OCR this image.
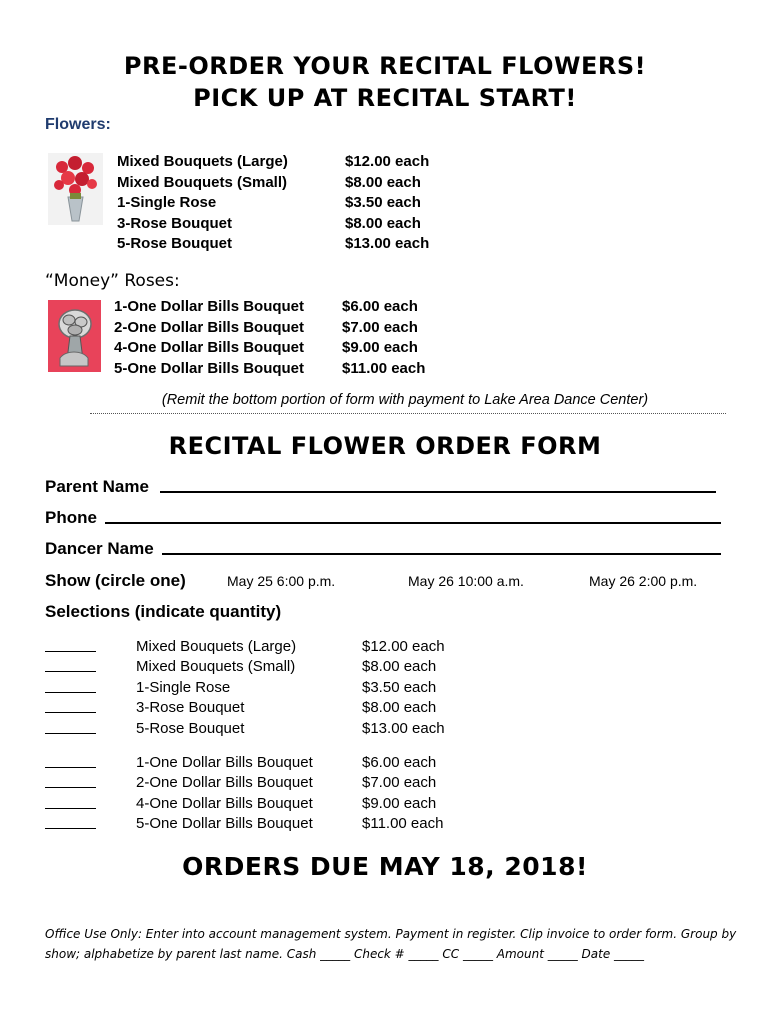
PRE-ORDER YOUR RECITAL FLOWERS!
PICK UP AT RECITAL START!
Flowers:
Mixed Bouquets (Large)	$12.00 each
Mixed Bouquets (Small)	$8.00 each
1-Single Rose	$3.50 each
3-Rose Bouquet	$8.00 each
5-Rose Bouquet	$13.00 each
“Money” Roses:
1-One Dollar Bills Bouquet	$6.00 each
2-One Dollar Bills Bouquet	$7.00 each
4-One Dollar Bills Bouquet	$9.00 each
5-One Dollar Bills Bouquet	$11.00 each
(Remit the bottom portion of form with payment to Lake Area Dance Center)
RECITAL FLOWER ORDER FORM
Parent Name
Phone
Dancer Name
Show (circle one)	May 25 6:00 p.m.	May 26 10:00 a.m.	May 26 2:00 p.m.
Selections (indicate quantity)
Mixed Bouquets (Large)	$12.00 each
Mixed Bouquets (Small)	$8.00 each
1-Single Rose	$3.50 each
3-Rose Bouquet	$8.00 each
5-Rose Bouquet	$13.00 each
1-One Dollar Bills Bouquet	$6.00 each
2-One Dollar Bills Bouquet	$7.00 each
4-One Dollar Bills Bouquet	$9.00 each
5-One Dollar Bills Bouquet	$11.00 each
ORDERS DUE MAY 18, 2018!
Office Use Only: Enter into account management system. Payment in register. Clip invoice to order form. Group by
show; alphabetize by parent last name. Cash _____ Check # _____ CC _____ Amount _____ Date _____
